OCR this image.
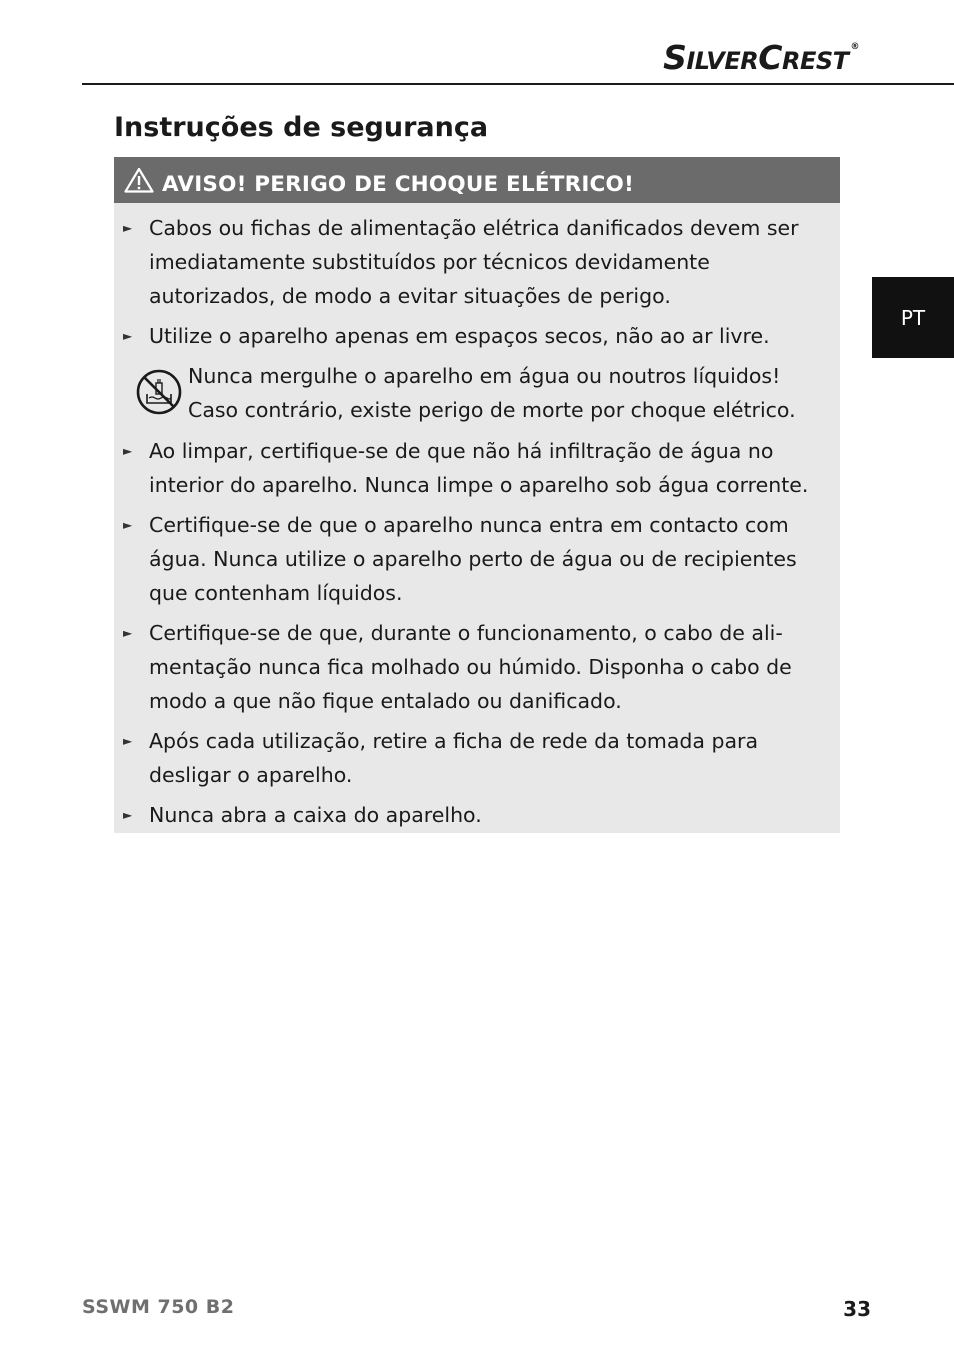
SILVERCREST ®
PT
Instruções de segurança
AVISO! PERIGO DE CHOQUE ELÉTRICO!
► Cabos ou fichas de alimentação elétrica danificados devem ser imediatamente substituídos por técnicos devidamente autorizados, de modo a evitar situações de perigo.
► Utilize o aparelho apenas em espaços secos, não ao ar livre.
Nunca mergulhe o aparelho em água ou noutros líquidos! Caso contrário, existe perigo de morte por choque elétrico.
► Ao limpar, certifique-se de que não há infiltração de água no interior do aparelho. Nunca limpe o aparelho sob água corrente.
► Certifique-se de que o aparelho nunca entra em contacto com água. Nunca utilize o aparelho perto de água ou de recipientes que contenham líquidos.
► Certifique-se de que, durante o funcionamento, o cabo de ali-mentação nunca fica molhado ou húmido. Disponha o cabo de modo a que não fique entalado ou danificado.
► Após cada utilização, retire a ficha de rede da tomada para desligar o aparelho.
► Nunca abra a caixa do aparelho.
SSWM 750 B2	33
